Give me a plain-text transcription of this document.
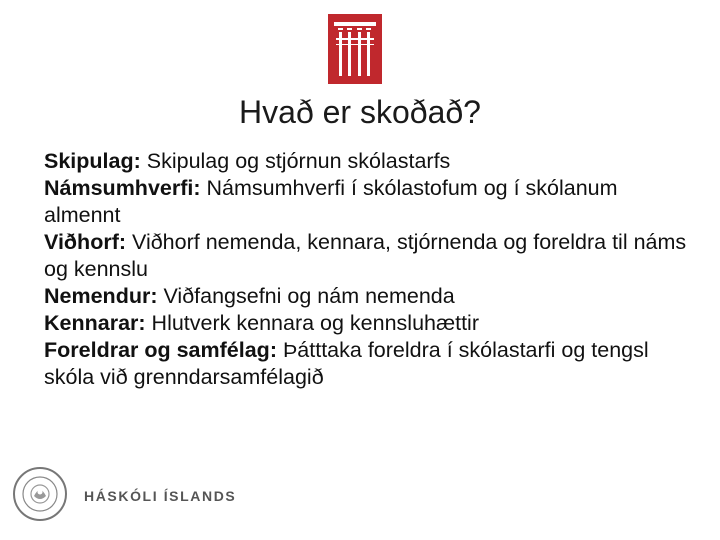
Hvað er skoðað?
Skipulag: Skipulag og stjórnun skólastarfs
Námsumhverfi: Námsumhverfi í skólastofum og í skólanum almennt
Viðhorf: Viðhorf nemenda, kennara, stjórnenda og foreldra til náms og kennslu
Nemendur: Viðfangsefni og nám nemenda
Kennarar: Hlutverk kennara og kennsluhættir
Foreldrar og samfélag: Þátttaka foreldra í skólastarfi og tengsl skóla við grenndarsamfélagið
HÁSKÓLI ÍSLANDS
